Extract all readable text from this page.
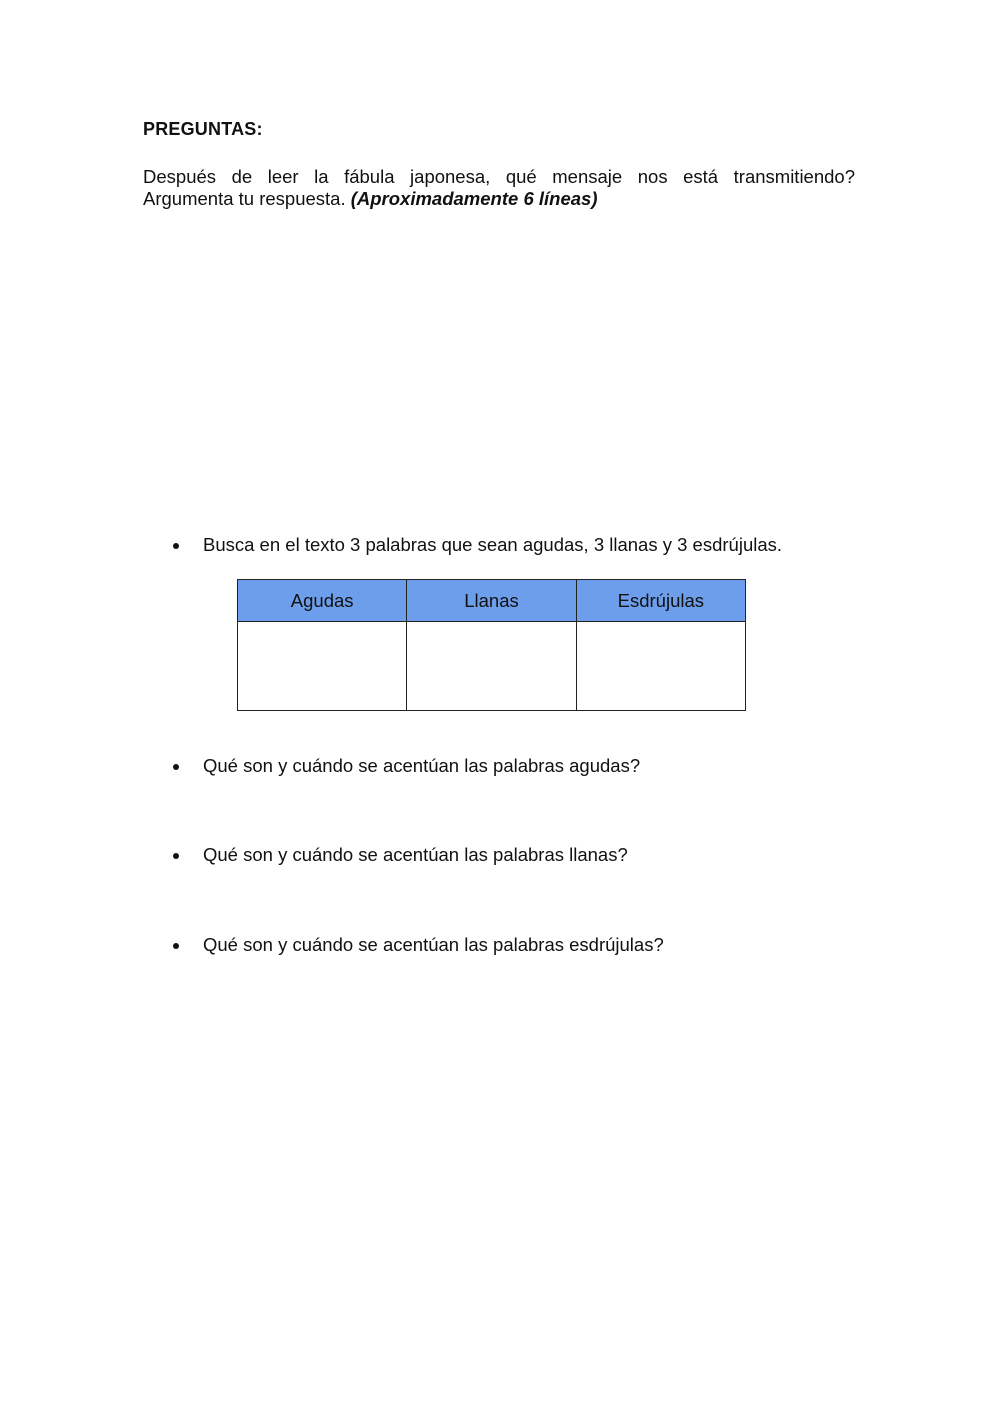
PREGUNTAS:
Después de leer la fábula japonesa, qué mensaje nos está transmitiendo?
Argumenta tu respuesta. (Aproximadamente 6 líneas)
Busca en el texto 3 palabras que sean agudas, 3 llanas y 3 esdrújulas.
Agudas	Llanas	Esdrújulas

Qué son y cuándo se acentúan las palabras agudas?
Qué son y cuándo se acentúan las palabras llanas?
Qué son y cuándo se acentúan las palabras esdrújulas?
